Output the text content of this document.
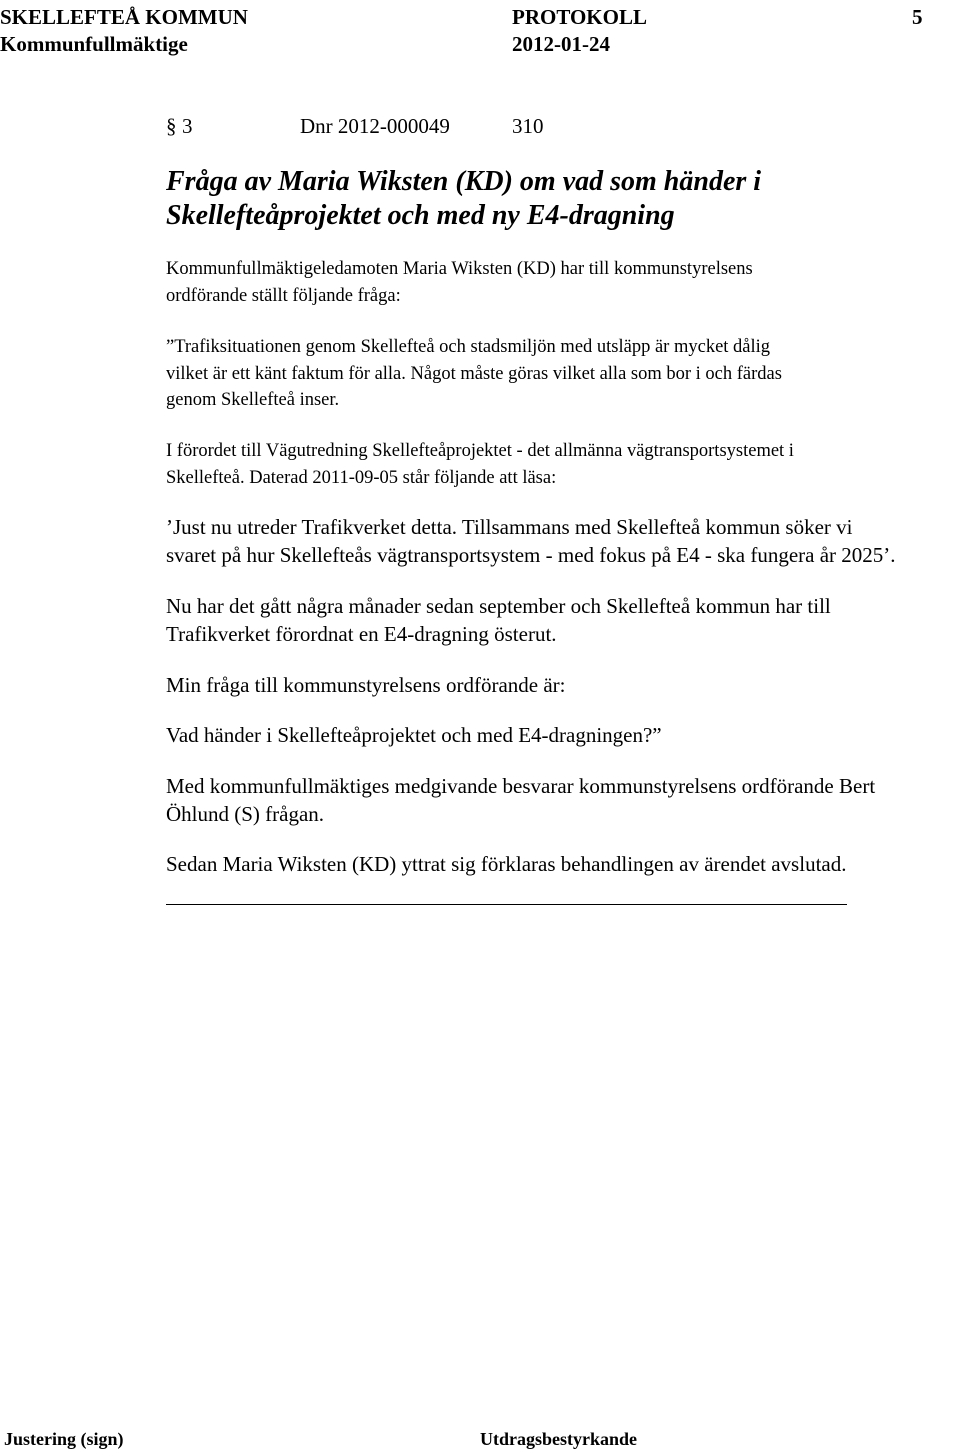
SKELLEFTEÅ KOMMUN	PROTOKOLL	5
Kommunfullmäktige	2012-01-24
§ 3	Dnr 2012-000049	310
Fråga av Maria Wiksten (KD) om vad som händer i
Skellefteåprojektet och med ny E4-dragning

Kommunfullmäktigeledamoten Maria Wiksten (KD) har till kommunstyrelsens
ordförande ställt följande fråga:

”Trafiksituationen genom Skellefteå och stadsmiljön med utsläpp är mycket dålig
vilket är ett känt faktum för alla. Något måste göras vilket alla som bor i och färdas
genom Skellefteå inser.

I förordet till Vägutredning Skellefteåprojektet - det allmänna vägtransportsystemet i
Skellefteå. Daterad 2011-09-05 står följande att läsa:

’Just nu utreder Trafikverket detta. Tillsammans med Skellefteå kommun söker vi
svaret på hur Skellefteås vägtransportsystem - med fokus på E4 - ska fungera år 2025’.

Nu har det gått några månader sedan september och Skellefteå kommun har till
Trafikverket förordnat en E4-dragning österut.

Min fråga till kommunstyrelsens ordförande är:

Vad händer i Skellefteåprojektet och med E4-dragningen?”

Med kommunfullmäktiges medgivande besvarar kommunstyrelsens ordförande Bert
Öhlund (S) frågan.

Sedan Maria Wiksten (KD) yttrat sig förklaras behandlingen av ärendet avslutad.

Justering (sign)	Utdragsbestyrkande
